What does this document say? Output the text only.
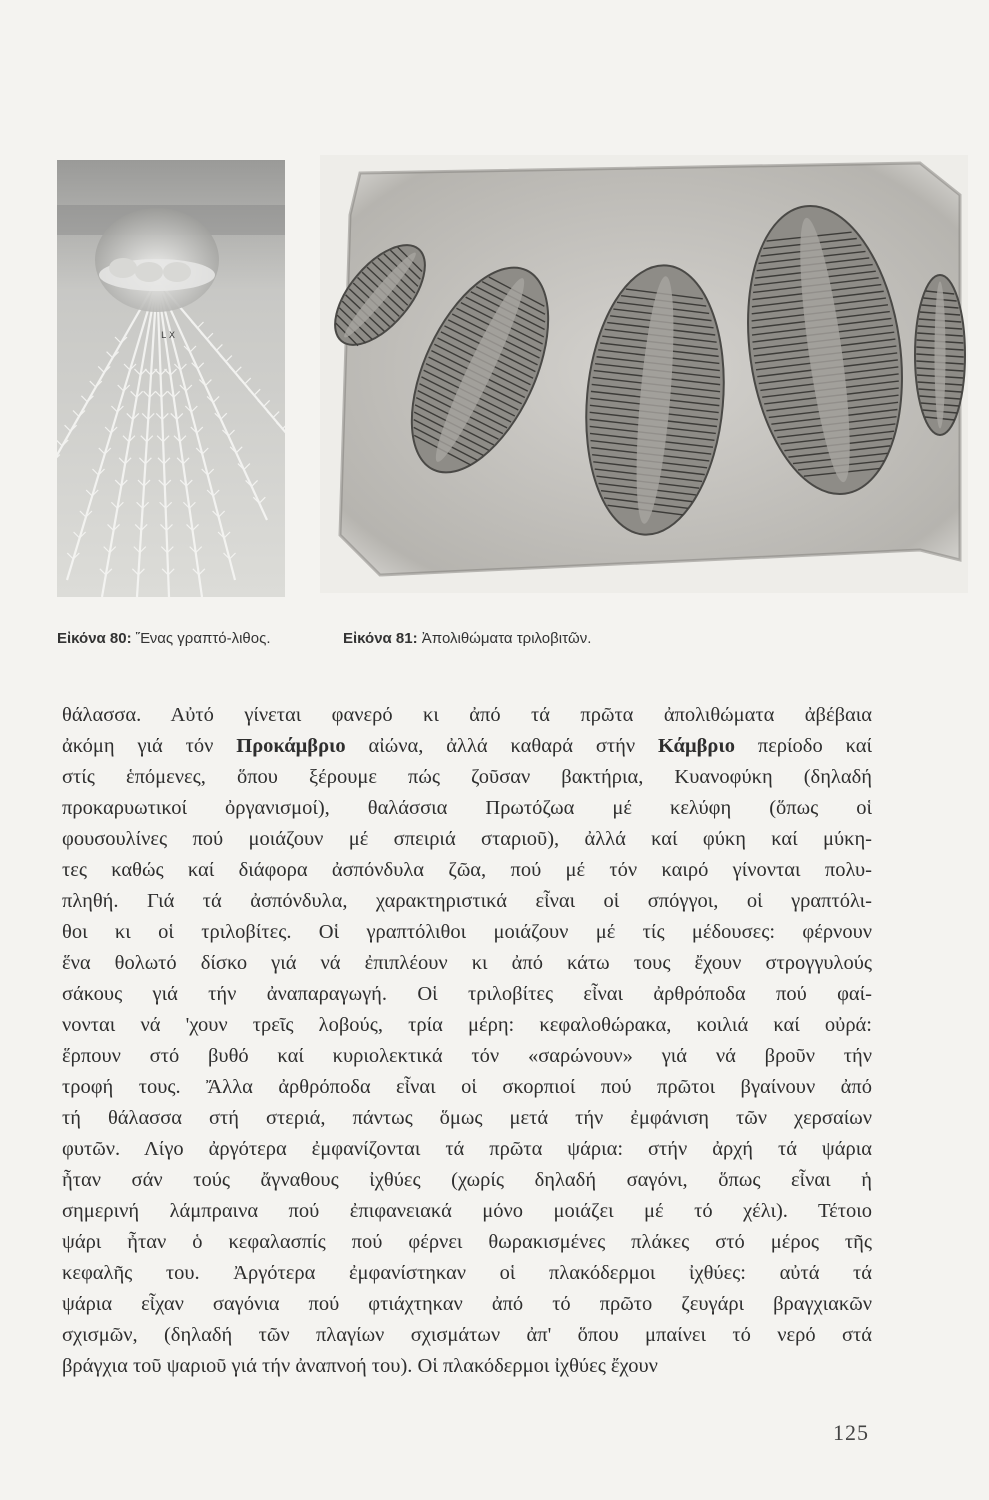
L X
Εἰκόνα 80: Ἕνας γραπτό-λιθος.	Εἰκόνα 81: Ἀπολιθώματα τριλοβιτῶν.
θάλασσα. Αὐτό γίνεται φανερό κι ἀπό τά πρῶτα ἀπολιθώματα ἀβέβαια
ἀκόμη γιά τόν Προκάμβριο αἰώνα, ἀλλά καθαρά στήν Κάμβριο περίοδο καί
στίς ἑπόμενες, ὅπου ξέρουμε πώς ζοῦσαν βακτήρια, Κυανοφύκη (δηλαδή
προκαρυωτικοί ὀργανισμοί), θαλάσσια Πρωτόζωα μέ κελύφη (ὅπως οἱ
φουσουλίνες πού μοιάζουν μέ σπειριά σταριοῦ), ἀλλά καί φύκη καί μύκη-
τες καθώς καί διάφορα ἀσπόνδυλα ζῶα, πού μέ τόν καιρό γίνονται πολυ-
πληθή. Γιά τά ἀσπόνδυλα, χαρακτηριστικά εἶναι οἱ σπόγγοι, οἱ γραπτόλι-
θοι κι οἱ τριλοβίτες. Οἱ γραπτόλιθοι μοιάζουν μέ τίς μέδουσες: φέρνουν
ἕνα θολωτό δίσκο γιά νά ἐπιπλέουν κι ἀπό κάτω τους ἔχουν στρογγυλούς
σάκους γιά τήν ἀναπαραγωγή. Οἱ τριλοβίτες εἶναι ἀρθρόποδα πού φαί-
νονται νά 'χουν τρεῖς λοβούς, τρία μέρη: κεφαλοθώρακα, κοιλιά καί οὐρά:
ἕρπουν στό βυθό καί κυριολεκτικά τόν «σαρώνουν» γιά νά βροῦν τήν
τροφή τους. Ἄλλα ἀρθρόποδα εἶναι οἱ σκορπιοί πού πρῶτοι βγαίνουν ἀπό
τή θάλασσα στή στεριά, πάντως ὅμως μετά τήν ἐμφάνιση τῶν χερσαίων
φυτῶν. Λίγο ἀργότερα ἐμφανίζονται τά πρῶτα ψάρια: στήν ἀρχή τά ψάρια
ἦταν σάν τούς ἄγναθους ἰχθύες (χωρίς δηλαδή σαγόνι, ὅπως εἶναι ἡ
σημερινή λάμπραινα πού ἐπιφανειακά μόνο μοιάζει μέ τό χέλι). Τέτοιο
ψάρι ἦταν ὁ κεφαλασπίς πού φέρνει θωρακισμένες πλάκες στό μέρος τῆς
κεφαλῆς του. Ἀργότερα ἐμφανίστηκαν οἱ πλακόδερμοι ἰχθύες: αὐτά τά
ψάρια εἶχαν σαγόνια πού φτιάχτηκαν ἀπό τό πρῶτο ζευγάρι βραγχιακῶν
σχισμῶν, (δηλαδή τῶν πλαγίων σχισμάτων ἀπ' ὅπου μπαίνει τό νερό στά
βράγχια τοῦ ψαριοῦ γιά τήν ἀναπνοή του). Οἱ πλακόδερμοι ἰχθύες ἔχουν
125
